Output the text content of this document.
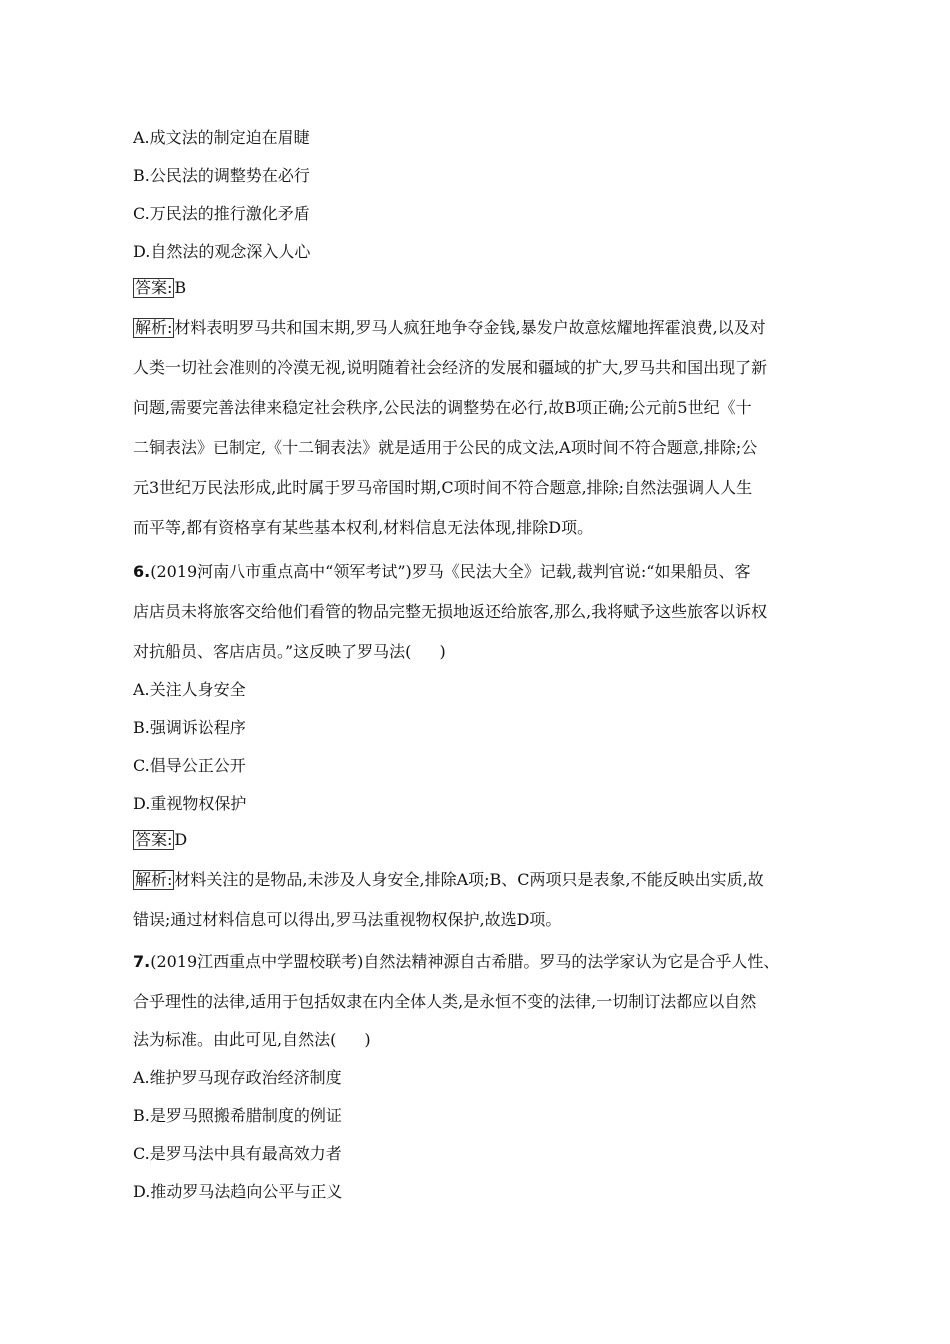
A.成文法的制定迫在眉睫
B.公民法的调整势在必行
C.万民法的推行激化矛盾
D.自然法的观念深入人心
答案: B
解析: 材料表明罗马共和国末期,罗马人疯狂地争夺金钱,暴发户故意炫耀地挥霍浪费,以及对
人类一切社会准则的冷漠无视,说明随着社会经济的发展和疆域的扩大,罗马共和国出现了新
问题,需要完善法律来稳定社会秩序,公民法的调整势在必行,故B项正确;公元前5世纪《十
二铜表法》已制定,《十二铜表法》就是适用于公民的成文法,A项时间不符合题意,排除;公
元3世纪万民法形成,此时属于罗马帝国时期,C项时间不符合题意,排除;自然法强调人人生
而平等,都有资格享有某些基本权利,材料信息无法体现,排除D项。
6.(2019河南八市重点高中“领军考试”)罗马《民法大全》记载,裁判官说:“如果船员、客
店店员未将旅客交给他们看管的物品完整无损地返还给旅客,那么,我将赋予这些旅客以诉权
对抗船员、客店店员。”这反映了罗马法( )
A.关注人身安全
B.强调诉讼程序
C.倡导公正公开
D.重视物权保护
答案: D
解析: 材料关注的是物品,未涉及人身安全,排除A项;B、C两项只是表象,不能反映出实质,故
错误;通过材料信息可以得出,罗马法重视物权保护,故选D项。
7.(2019江西重点中学盟校联考)自然法精神源自古希腊。罗马的法学家认为它是合乎人性、
合乎理性的法律,适用于包括奴隶在内全体人类,是永恒不变的法律,一切制订法都应以自然
法为标准。由此可见,自然法( )
A.维护罗马现存政治经济制度
B.是罗马照搬希腊制度的例证
C.是罗马法中具有最高效力者
D.推动罗马法趋向公平与正义
